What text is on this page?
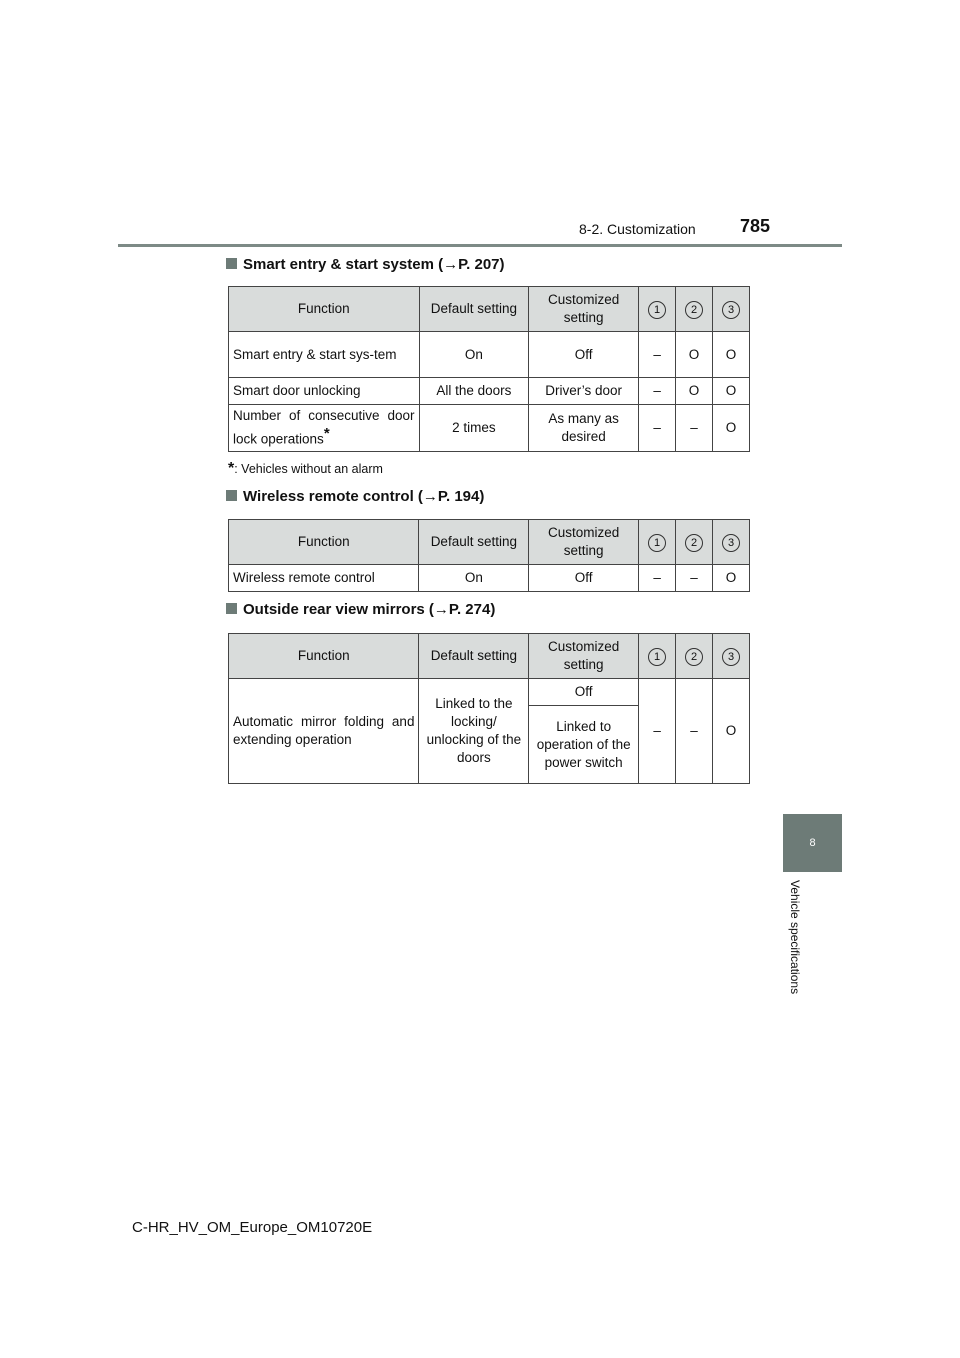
8-2. Customization 785
8
Vehicle specifications
Smart entry & start system (→P. 207)
Function	Default setting	Customized setting	1	2	3
Smart entry & start sys-tem	On	Off	–	O	O
Smart door unlocking	All the doors	Driver’s door	–	O	O
Number of consecutive door lock operations*	2 times	As many as desired	–	–	O
*: Vehicles without an alarm
Wireless remote control (→P. 194)
Function	Default setting	Customized setting	1	2	3
Wireless remote control	On	Off	–	–	O
Outside rear view mirrors (→P. 274)
Function	Default setting	Customized setting	1	2	3
Automatic mirror folding and extending operation	Linked to the locking/ unlocking of the doors	Off	–	–	O
		Linked to operation of the power switch			
C-HR_HV_OM_Europe_OM10720E
